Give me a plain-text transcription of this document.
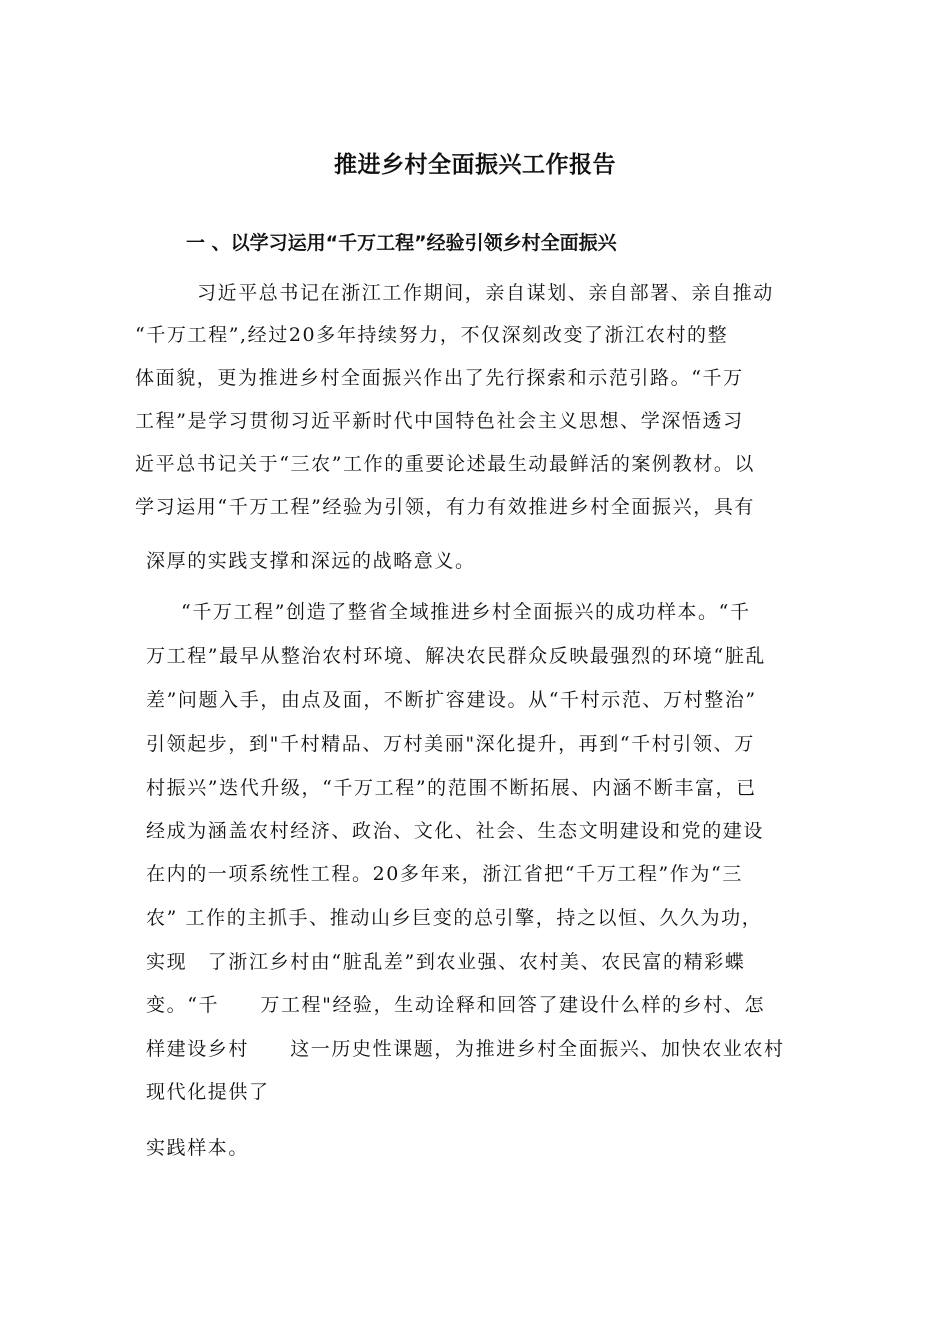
推进乡村全面振兴工作报告
一 、以学习运用“千万工程”经验引领乡村全面振兴
习近平总书记在浙江工作期间，亲自谋划、亲自部署、亲自推动
“千万工程”,经过20多年持续努力，不仅深刻改变了浙江农村的整
体面貌，更为推进乡村全面振兴作出了先行探索和示范引路。“千万
工程”是学习贯彻习近平新时代中国特色社会主义思想、学深悟透习
近平总书记关于“三农”工作的重要论述最生动最鲜活的案例教材。以
学习运用“千万工程”经验为引领，有力有效推进乡村全面振兴，具有
深厚的实践支撑和深远的战略意义。
“千万工程”创造了整省全域推进乡村全面振兴的成功样本。“千
万工程”最早从整治农村环境、解决农民群众反映最强烈的环境“脏乱
差”问题入手，由点及面，不断扩容建设。从“千村示范、万村整治”
引领起步，到"千村精品、万村美丽"深化提升，再到“千村引领、万
村振兴”迭代升级，“千万工程”的范围不断拓展、内涵不断丰富，已
经成为涵盖农村经济、政治、文化、社会、生态文明建设和党的建设
在内的一项系统性工程。20多年来，浙江省把“千万工程”作为“三
农” 工作的主抓手、推动山乡巨变的总引擎，持之以恒、久久为功，
实现　了浙江乡村由“脏乱差”到农业强、农村美、农民富的精彩蝶
变。“千　　万工程"经验，生动诠释和回答了建设什么样的乡村、怎
样建设乡村　　这一历史性课题，为推进乡村全面振兴、加快农业农村
现代化提供了
实践样本。
